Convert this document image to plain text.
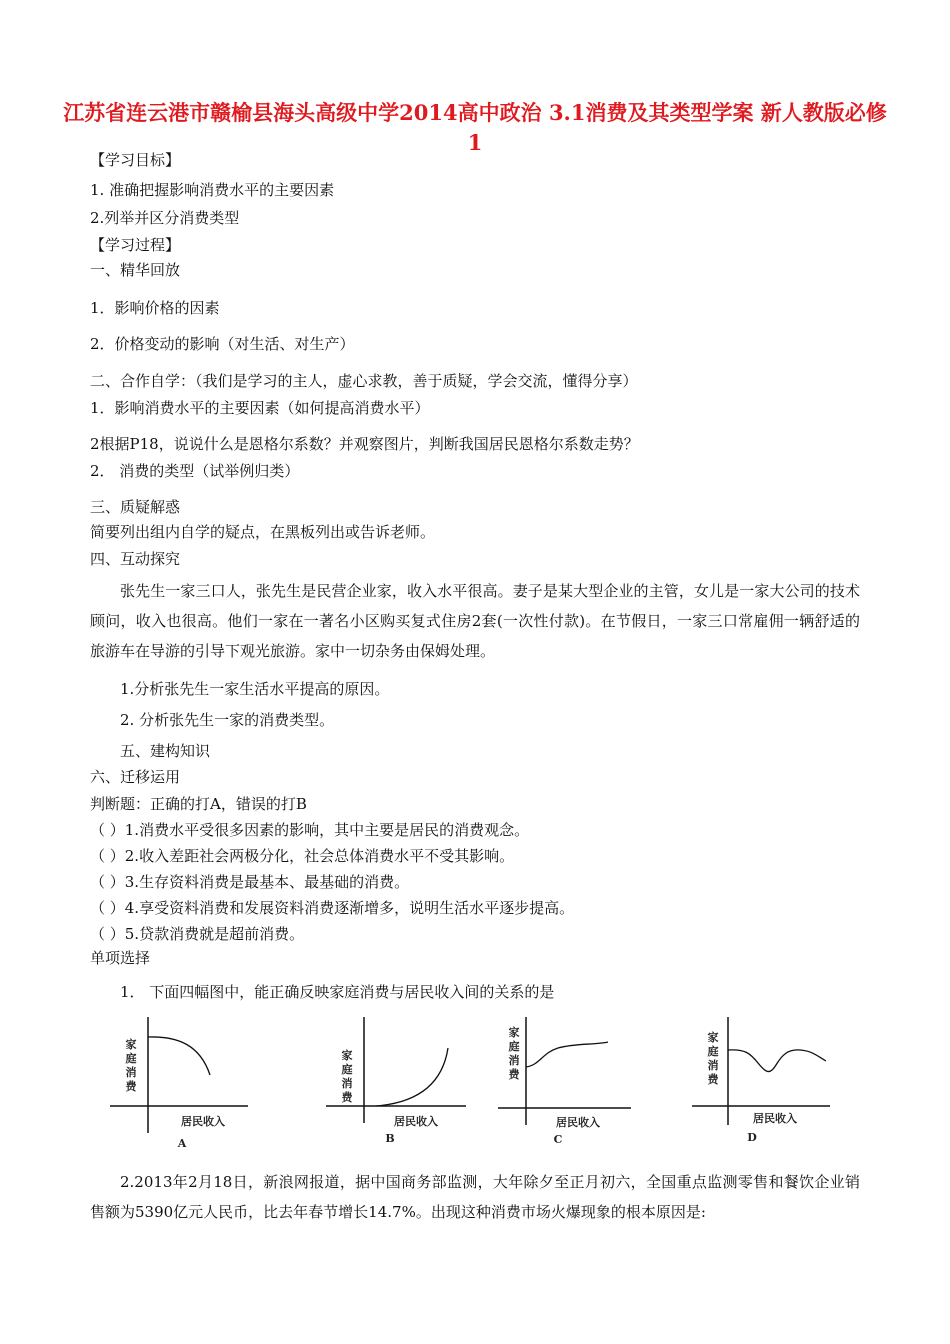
江苏省连云港市赣榆县海头高级中学2014高中政治 3.1消费及其类型学案 新人教版必修1
【学习目标】
1. 准确把握影响消费水平的主要因素
2.列举并区分消费类型
【学习过程】
一、精华回放
1．影响价格的因素
2．价格变动的影响（对生活、对生产）
二、合作自学：（我们是学习的主人，虚心求教，善于质疑，学会交流，懂得分享）
1．影响消费水平的主要因素（如何提高消费水平）
2根据P18，说说什么是恩格尔系数？并观察图片，判断我国居民恩格尔系数走势？
2． 消费的类型（试举例归类）
三、质疑解惑
简要列出组内自学的疑点，在黑板列出或告诉老师。
四、互动探究
张先生一家三口人，张先生是民营企业家，收入水平很高。妻子是某大型企业的主管，女儿是一家大公司的技术顾问，收入也很高。他们一家在一著名小区购买复式住房2套(一次性付款)。在节假日，一家三口常雇佣一辆舒适的旅游车在导游的引导下观光旅游。家中一切杂务由保姆处理。
1.分析张先生一家生活水平提高的原因。
2. 分析张先生一家的消费类型。
五、建构知识
六、迁移运用
判断题：正确的打A，错误的打B
（ ）1.消费水平受很多因素的影响，其中主要是居民的消费观念。
（ ）2.收入差距社会两极分化，社会总体消费水平不受其影响。
（ ）3.生存资料消费是最基本、最基础的消费。
（ ）4.享受资料消费和发展资料消费逐渐增多，说明生活水平逐步提高。
（ ）5.贷款消费就是超前消费。
单项选择
1． 下面四幅图中，能正确反映家庭消费与居民收入间的关系的是
家
庭
消
费
居民收入
A
家
庭
消
费
居民收入
B
家
庭
消
费
居民收入
C
家
庭
消
费
居民收入
D
2.2013年2月18日，新浪网报道，据中国商务部监测，大年除夕至正月初六，全国重点监测零售和餐饮企业销售额为5390亿元人民币，比去年春节增长14.7%。出现这种消费市场火爆现象的根本原因是:
